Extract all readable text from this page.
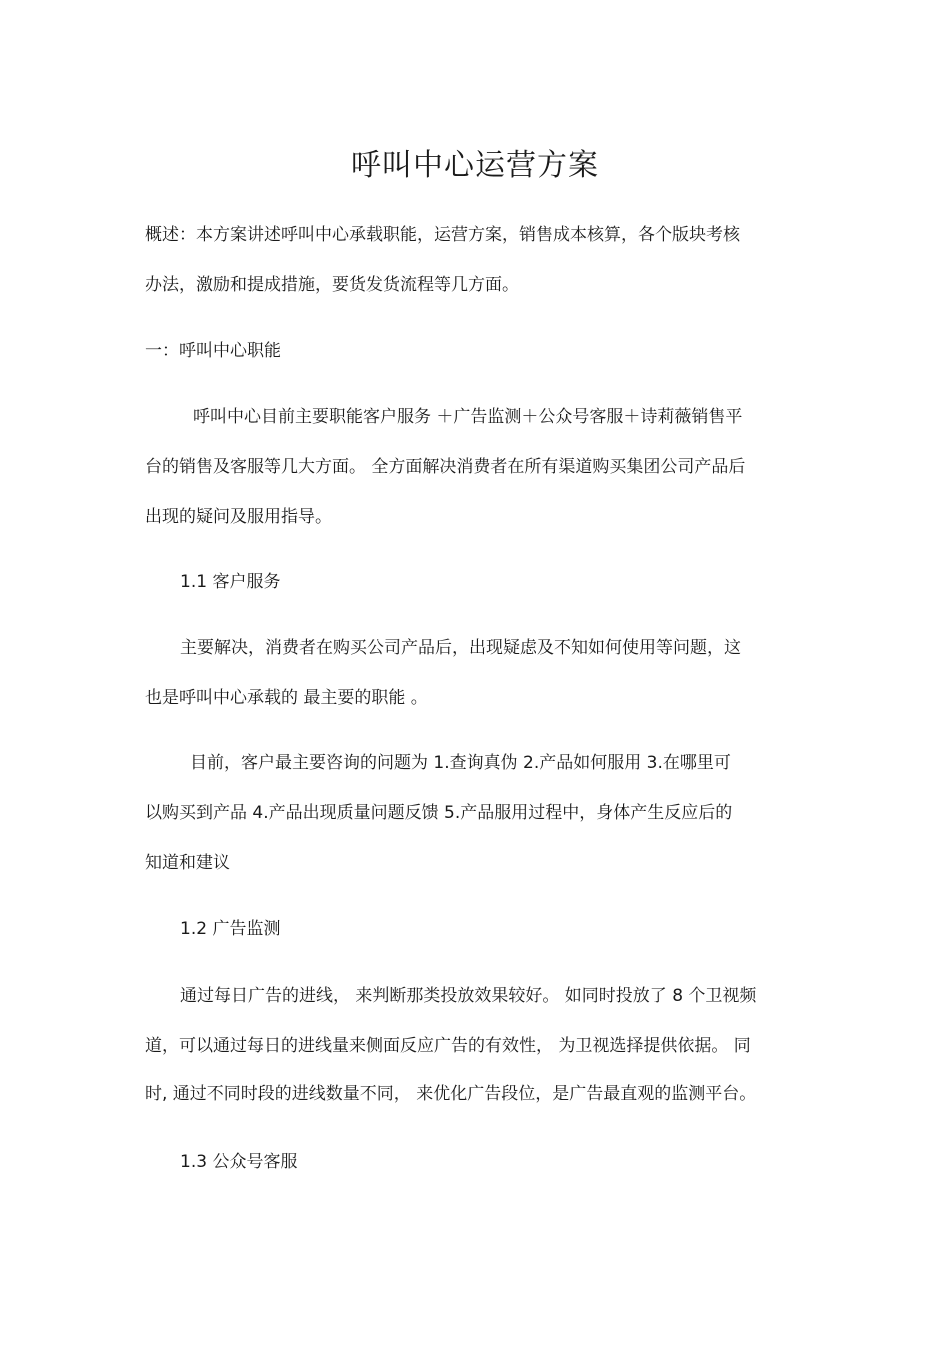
呼叫中心运营方案
概述：本方案讲述呼叫中心承载职能，运营方案，销售成本核算，各个版块考核
办法，激励和提成措施，要货发货流程等几方面。
一：呼叫中心职能
呼叫中心目前主要职能客户服务 ＋广告监测＋公众号客服＋诗莉薇销售平
台的销售及客服等几大方面。 全方面解决消费者在所有渠道购买集团公司产品后
出现的疑问及服用指导。
1.1 客户服务
主要解决，消费者在购买公司产品后，出现疑虑及不知如何使用等问题，这
也是呼叫中心承载的 最主要的职能 。
目前，客户最主要咨询的问题为 1.查询真伪 2.产品如何服用 3.在哪里可
以购买到产品 4.产品出现质量问题反馈 5.产品服用过程中，身体产生反应后的
知道和建议
1.2 广告监测
通过每日广告的进线， 来判断那类投放效果较好。 如同时投放了 8 个卫视频
道，可以通过每日的进线量来侧面反应广告的有效性， 为卫视选择提供依据。 同
时, 通过不同时段的进线数量不同， 来优化广告段位，是广告最直观的监测平台。
1.3 公众号客服
